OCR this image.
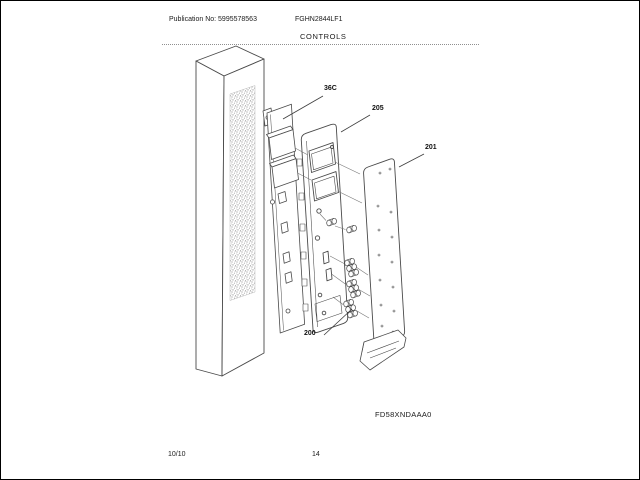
Publication No: 5995578563	FGHN2844LF1
CONTROLS
36C
205
201
200
FD58XNDAAA0
10/10	14
